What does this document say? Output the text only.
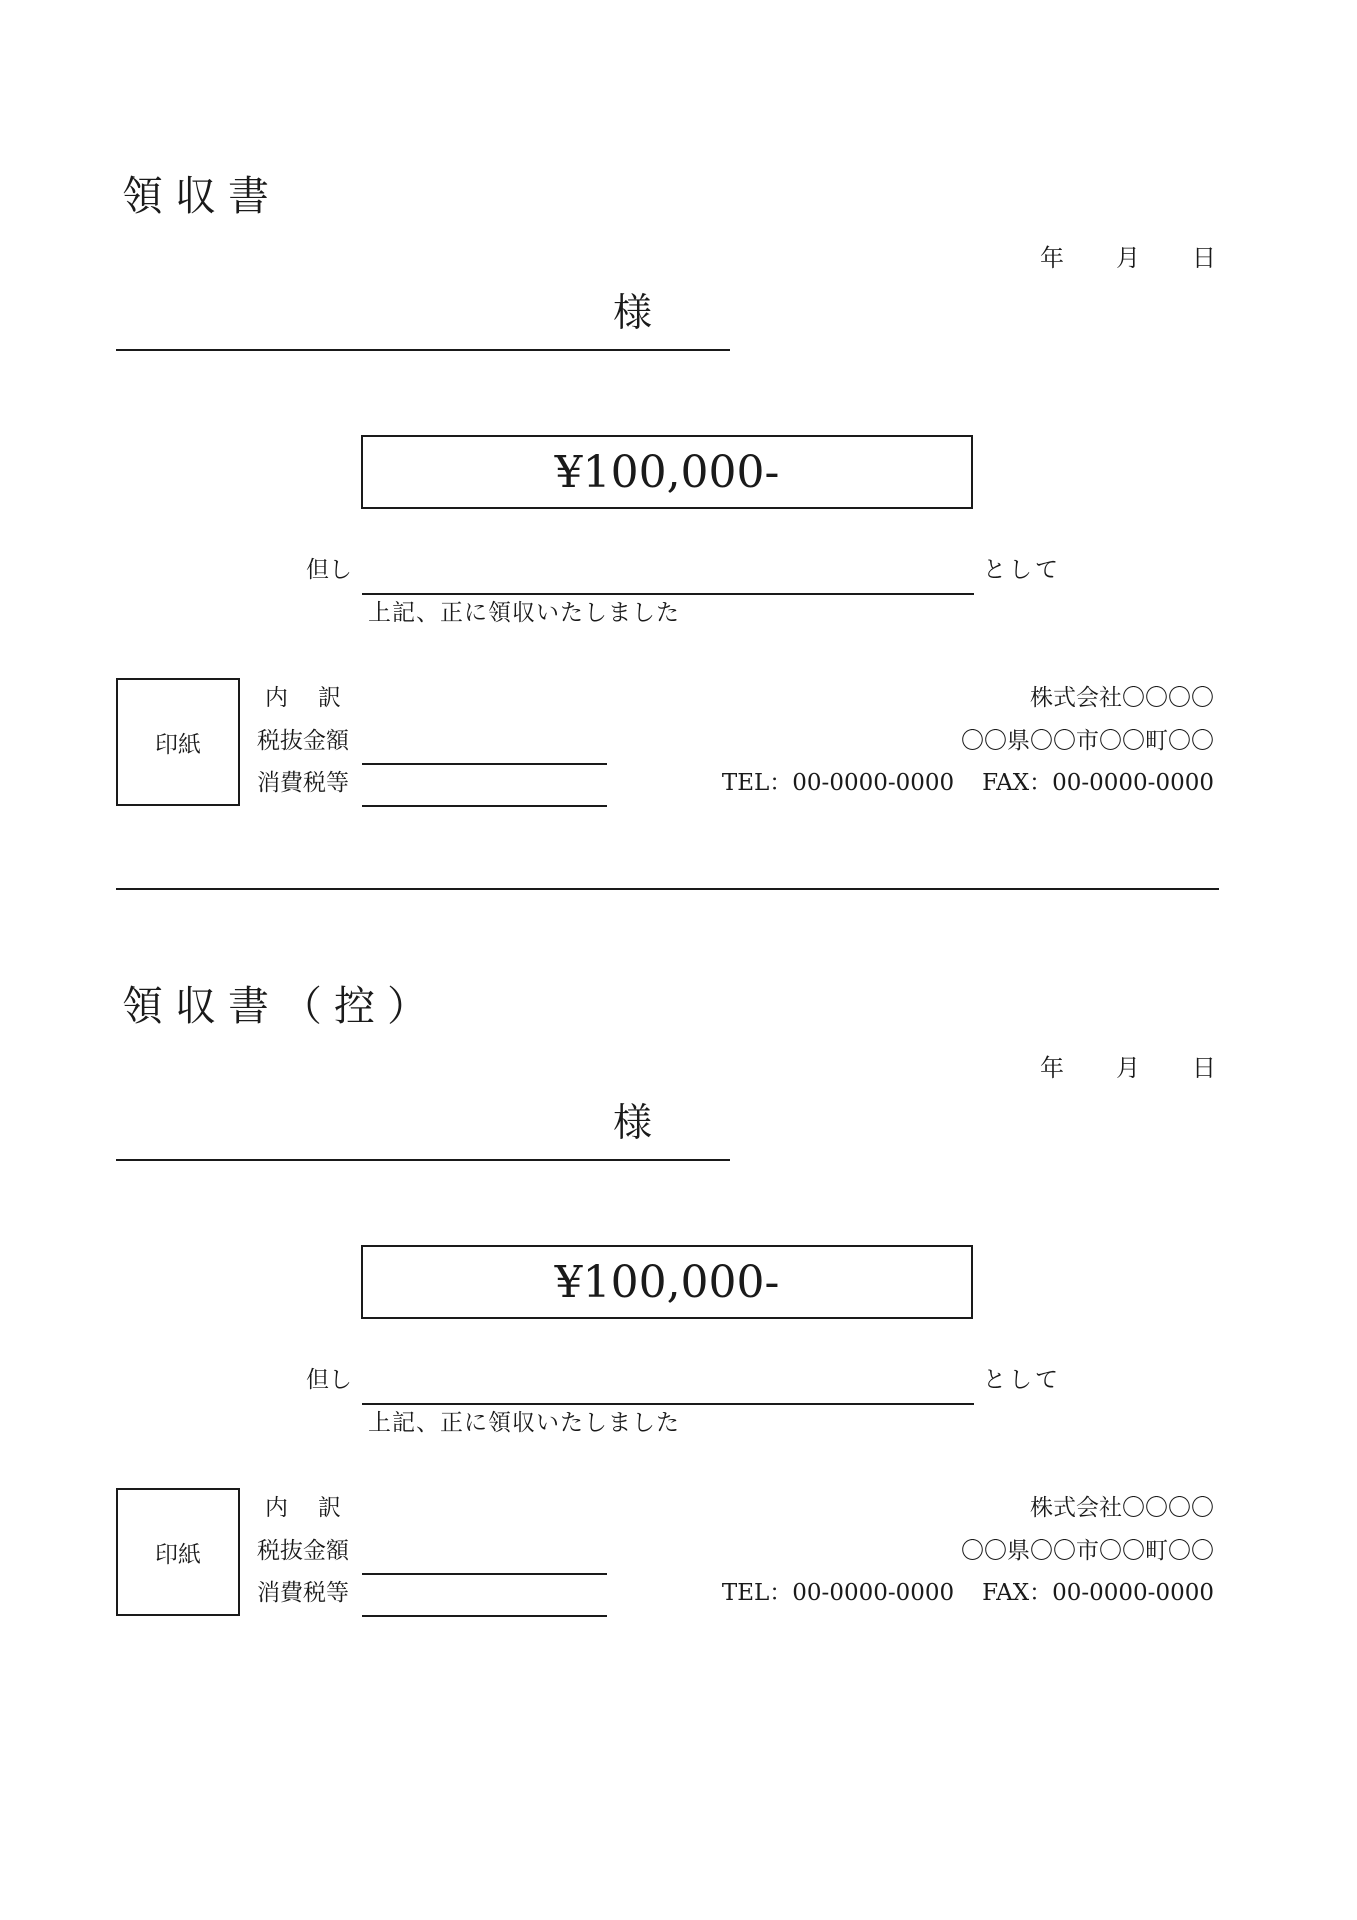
領収書
年 月 日
様
¥100,000-
但し	として
上記、正に領収いたしました
印紙
内 訳
税抜金額
消費税等
株式会社〇〇〇〇
〇〇県〇〇市〇〇町〇〇
TEL：00-0000-0000 FAX：00-0000-0000
領収書（控）
年 月 日
様
¥100,000-
但し	として
上記、正に領収いたしました
印紙
内 訳
税抜金額
消費税等
株式会社〇〇〇〇
〇〇県〇〇市〇〇町〇〇
TEL：00-0000-0000 FAX：00-0000-0000
